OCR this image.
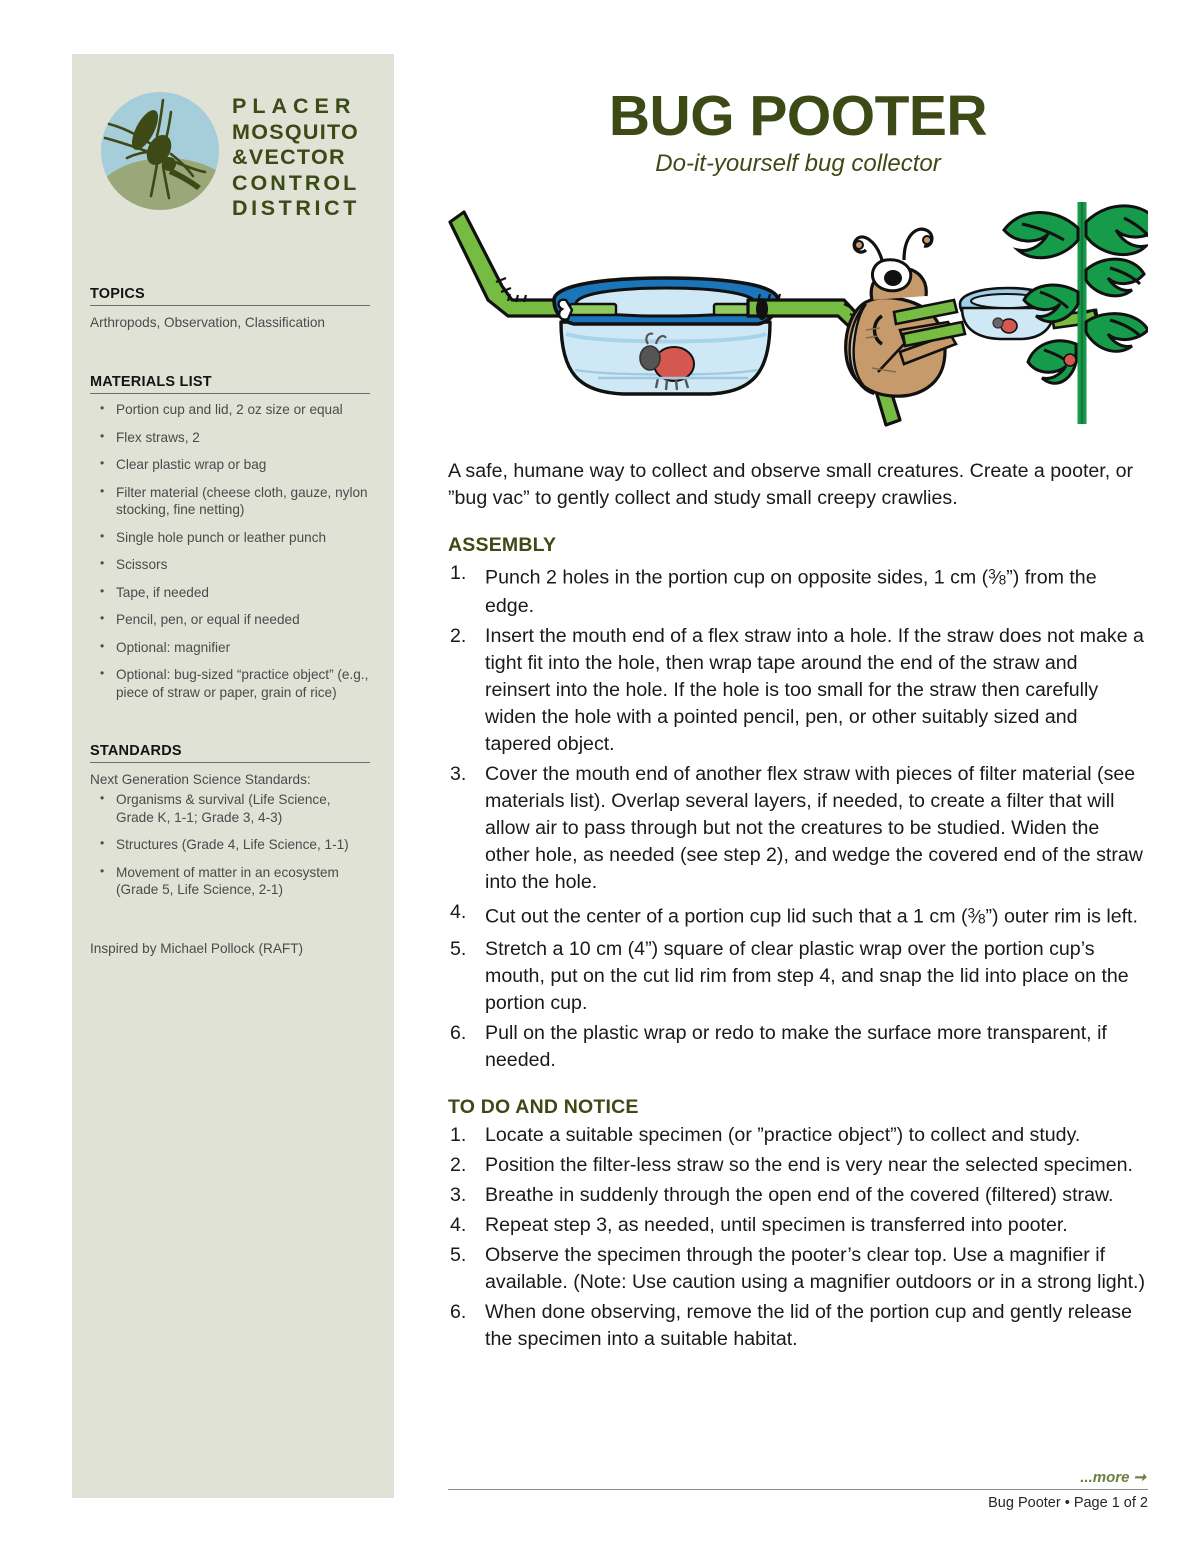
PLACER
MOSQUITO
&VECTOR
CONTROL
DISTRICT
TOPICS
Arthropods, Observation, Classification
MATERIALS LIST
• Portion cup and lid, 2 oz size or equal
• Flex straws, 2
• Clear plastic wrap or bag
• Filter material (cheese cloth, gauze, nylon stocking, fine netting)
• Single hole punch or leather punch
• Scissors
• Tape, if needed
• Pencil, pen, or equal if needed
• Optional: magnifier
• Optional: bug-sized “practice object” (e.g., piece of straw or paper, grain of rice)
STANDARDS
Next Generation Science Standards:
• Organisms & survival (Life Science, Grade K, 1-1; Grade 3, 4-3)
• Structures (Grade 4, Life Science, 1-1)
• Movement of matter in an ecosystem (Grade 5, Life Science, 2-1)
Inspired by Michael Pollock (RAFT)
BUG POOTER
Do-it-yourself bug collector

A safe, humane way to collect and observe small creatures. Create a pooter, or ”bug vac” to gently collect and study small creepy crawlies.

ASSEMBLY
Punch 2 holes in the portion cup on opposite sides, 1 cm $(^3⁄_8”)$ from the edge.
Insert the mouth end of a flex straw into a hole. If the straw does not make a tight fit into the hole, then wrap tape around the end of the straw and reinsert into the hole. If the hole is too small for the straw then carefully widen the hole with a pointed pencil, pen, or other suitably sized and tapered object.
Cover the mouth end of another flex straw with pieces of filter material (see materials list). Overlap several layers, if needed, to create a filter that will allow air to pass through but not the creatures to be studied. Widen the other hole, as needed (see step 2), and wedge the covered end of the straw into the hole.
Cut out the center of a portion cup lid such that a 1 cm $(^3⁄_8”)$ outer rim is left.
Stretch a 10 cm (4”) square of clear plastic wrap over the portion cup’s mouth, put on the cut lid rim from step 4, and snap the lid into place on the portion cup.
Pull on the plastic wrap or redo to make the surface more transparent, if needed.
TO DO AND NOTICE
Locate a suitable specimen (or ”practice object”) to collect and study.
Position the filter-less straw so the end is very near the selected specimen.
Breathe in suddenly through the open end of the covered (filtered) straw.
Repeat step 3, as needed, until specimen is transferred into pooter.
Observe the specimen through the pooter’s clear top. Use a magnifier if available. (Note: Use caution using a magnifier outdoors or in a strong light.)
When done observing, remove the lid of the portion cup and gently release the specimen into a suitable habitat.
...more ➞
Bug Pooter • Page 1 of 2
